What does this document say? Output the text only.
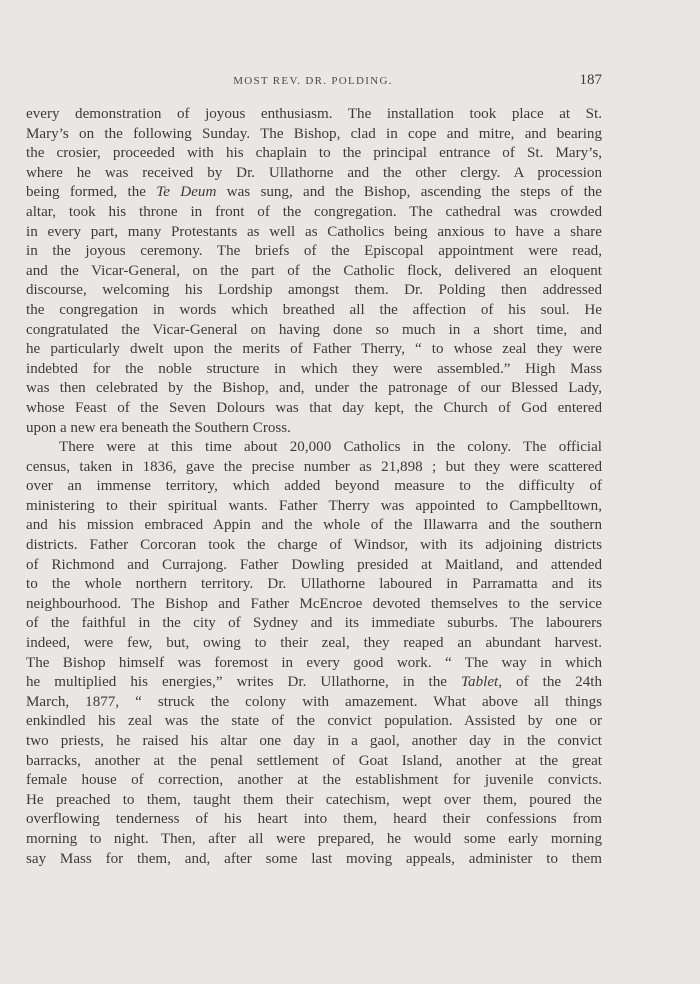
MOST REV. DR. POLDING.	187
every demonstration of joyous enthusiasm. The installation took place at St.
Mary’s on the following Sunday. The Bishop, clad in cope and mitre, and bearing
the crosier, proceeded with his chaplain to the principal entrance of St. Mary’s,
where he was received by Dr. Ullathorne and the other clergy. A procession
being formed, the Te Deum was sung, and the Bishop, ascending the steps of the
altar, took his throne in front of the congregation. The cathedral was crowded
in every part, many Protestants as well as Catholics being anxious to have a share
in the joyous ceremony. The briefs of the Episcopal appointment were read,
and the Vicar-General, on the part of the Catholic flock, delivered an eloquent
discourse, welcoming his Lordship amongst them. Dr. Polding then addressed
the congregation in words which breathed all the affection of his soul. He
congratulated the Vicar-General on having done so much in a short time, and
he particularly dwelt upon the merits of Father Therry, “ to whose zeal they were
indebted for the noble structure in which they were assembled.” High Mass
was then celebrated by the Bishop, and, under the patronage of our Blessed Lady,
whose Feast of the Seven Dolours was that day kept, the Church of God entered
upon a new era beneath the Southern Cross.
There were at this time about 20,000 Catholics in the colony. The official
census, taken in 1836, gave the precise number as 21,898 ; but they were scattered
over an immense territory, which added beyond measure to the difficulty of
ministering to their spiritual wants. Father Therry was appointed to Campbelltown,
and his mission embraced Appin and the whole of the Illawarra and the southern
districts. Father Corcoran took the charge of Windsor, with its adjoining districts
of Richmond and Currajong. Father Dowling presided at Maitland, and attended
to the whole northern territory. Dr. Ullathorne laboured in Parramatta and its
neighbourhood. The Bishop and Father McEncroe devoted themselves to the service
of the faithful in the city of Sydney and its immediate suburbs. The labourers
indeed, were few, but, owing to their zeal, they reaped an abundant harvest.
The Bishop himself was foremost in every good work. “ The way in which
he multiplied his energies,” writes Dr. Ullathorne, in the Tablet, of the 24th
March, 1877, “ struck the colony with amazement. What above all things
enkindled his zeal was the state of the convict population. Assisted by one or
two priests, he raised his altar one day in a gaol, another day in the convict
barracks, another at the penal settlement of Goat Island, another at the great
female house of correction, another at the establishment for juvenile convicts.
He preached to them, taught them their catechism, wept over them, poured the
overflowing tenderness of his heart into them, heard their confessions from
morning to night. Then, after all were prepared, he would some early morning
say Mass for them, and, after some last moving appeals, administer to them
